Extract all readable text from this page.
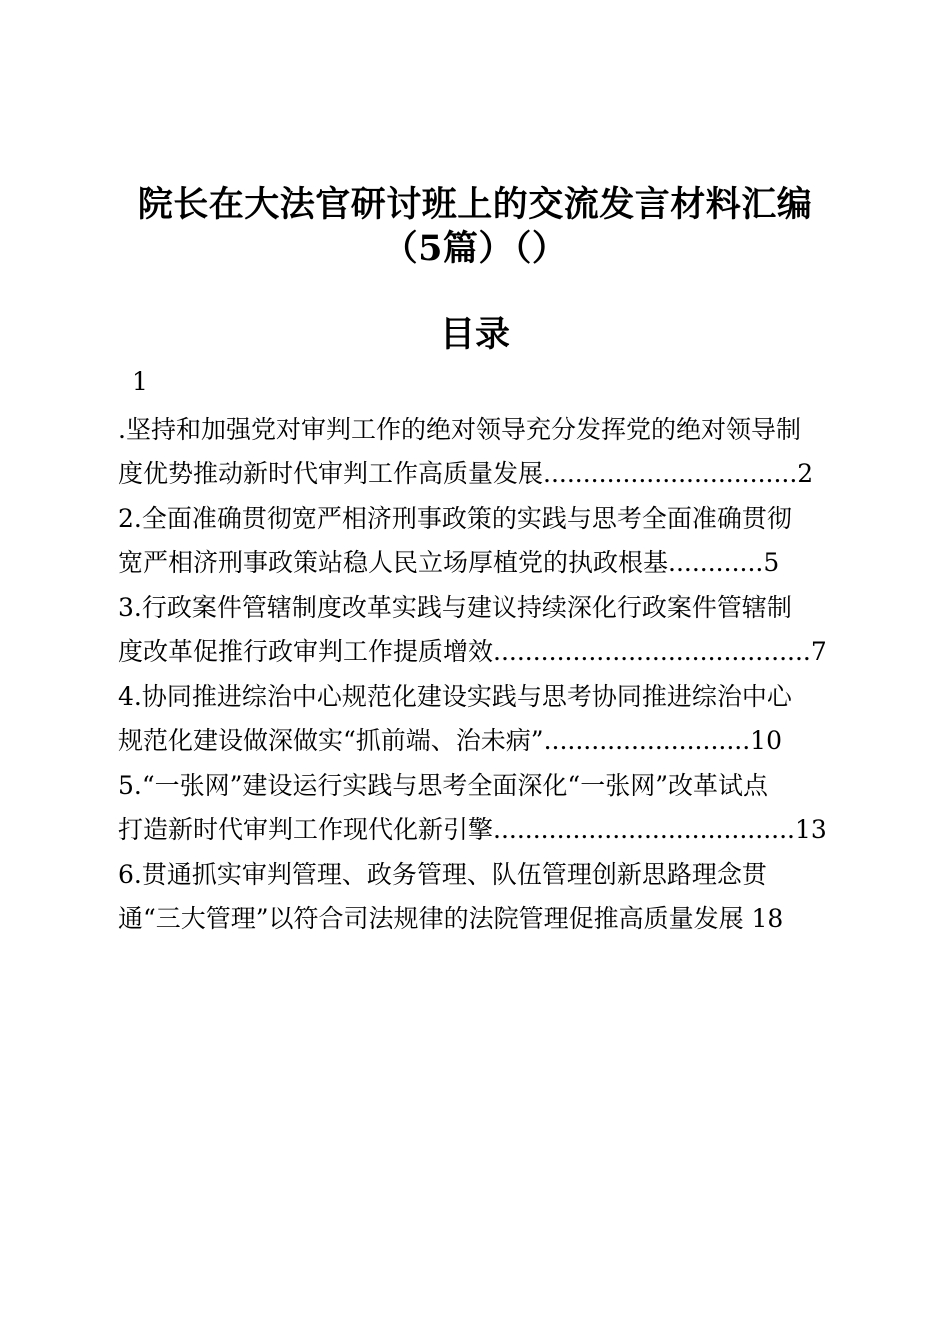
院长在大法官研讨班上的交流发言材料汇编
（5篇）（）
目录

1

.坚持和加强党对审判工作的绝对领导充分发挥党的绝对领导制

度优势推动新时代审判工作高质量发展................................2

2.全面准确贯彻宽严相济刑事政策的实践与思考全面准确贯彻

宽严相济刑事政策站稳人民立场厚植党的执政根基............5

3.行政案件管辖制度改革实践与建议持续深化行政案件管辖制

度改革促推行政审判工作提质增效........................................7

4.协同推进综治中心规范化建设实践与思考协同推进综治中心

规范化建设做深做实“抓前端、治未病”..........................10

5.“一张网”建设运行实践与思考全面深化“一张网”改革试点

打造新时代审判工作现代化新引擎......................................13

6.贯通抓实审判管理、政务管理、队伍管理创新思路理念贯

通“三大管理”以符合司法规律的法院管理促推高质量发展 18
